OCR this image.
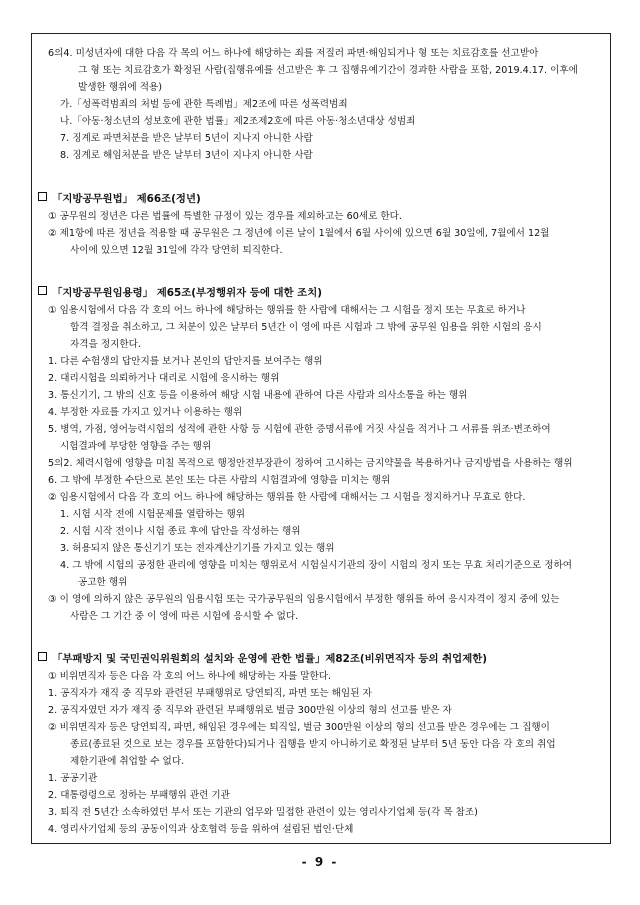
6의4. 미성년자에 대한 다음 각 목의 어느 하나에 해당하는 죄를 저질러 파면·해임되거나 형 또는 치료감호를 선고받아
그 형 또는 치료감호가 확정된 사람(집행유예를 선고받은 후 그 집행유예기간이 경과한 사람을 포함, 2019.4.17. 이후에
발생한 행위에 적용)
가.「성폭력범죄의 처벌 등에 관한 특례법」제2조에 따른 성폭력범죄
나.「아동·청소년의 성보호에 관한 법률」제2조제2호에 따른 아동·청소년대상 성범죄
7. 징계로 파면처분을 받은 날부터 5년이 지나지 아니한 사람
8. 징계로 해임처분을 받은 날부터 3년이 지나지 아니한 사람
「지방공무원법」 제66조(정년)
① 공무원의 정년은 다른 법률에 특별한 규정이 있는 경우를 제외하고는 60세로 한다.
② 제1항에 따른 정년을 적용할 때 공무원은 그 정년에 이른 날이 1월에서 6월 사이에 있으면 6월 30일에, 7월에서 12월
사이에 있으면 12월 31일에 각각 당연히 퇴직한다.
「지방공무원임용령」 제65조(부정행위자 등에 대한 조치)
① 임용시험에서 다음 각 호의 어느 하나에 해당하는 행위를 한 사람에 대해서는 그 시험을 정지 또는 무효로 하거나
합격 결정을 취소하고, 그 처분이 있은 날부터 5년간 이 영에 따른 시험과 그 밖에 공무원 임용을 위한 시험의 응시
자격을 정지한다.
1. 다른 수험생의 답안지를 보거나 본인의 답안지를 보여주는 행위
2. 대리시험을 의뢰하거나 대리로 시험에 응시하는 행위
3. 통신기기, 그 밖의 신호 등을 이용하여 해당 시험 내용에 관하여 다른 사람과 의사소통을 하는 행위
4. 부정한 자료를 가지고 있거나 이용하는 행위
5. 병역, 가점, 영어능력시험의 성적에 관한 사항 등 시험에 관한 증명서류에 거짓 사실을 적거나 그 서류를 위조·변조하여
시험결과에 부당한 영향을 주는 행위
5의2. 체력시험에 영향을 미칠 목적으로 행정안전부장관이 정하여 고시하는 금지약물을 복용하거나 금지방법을 사용하는 행위
6. 그 밖에 부정한 수단으로 본인 또는 다른 사람의 시험결과에 영향을 미치는 행위
② 임용시험에서 다음 각 호의 어느 하나에 해당하는 행위를 한 사람에 대해서는 그 시험을 정지하거나 무효로 한다.
1. 시험 시작 전에 시험문제를 열람하는 행위
2. 시험 시작 전이나 시험 종료 후에 답안을 작성하는 행위
3. 허용되지 않은 통신기기 또는 전자계산기기를 가지고 있는 행위
4. 그 밖에 시험의 공정한 관리에 영향을 미치는 행위로서 시험실시기관의 장이 시험의 정지 또는 무효 처리기준으로 정하여
공고한 행위
③ 이 영에 의하지 않은 공무원의 임용시험 또는 국가공무원의 임용시험에서 부정한 행위를 하여 응시자격이 정지 중에 있는
사람은 그 기간 중 이 영에 따른 시험에 응시할 수 없다.
「부패방지 및 국민권익위원회의 설치와 운영에 관한 법률」제82조(비위면직자 등의 취업제한)
① 비위면직자 등은 다음 각 호의 어느 하나에 해당하는 자를 말한다.
1. 공직자가 재직 중 직무와 관련된 부패행위로 당연퇴직, 파면 또는 해임된 자
2. 공직자였던 자가 재직 중 직무와 관련된 부패행위로 벌금 300만원 이상의 형의 선고를 받은 자
② 비위면직자 등은 당연퇴직, 파면, 해임된 경우에는 퇴직일, 벌금 300만원 이상의 형의 선고를 받은 경우에는 그 집행이
종료(종료된 것으로 보는 경우를 포함한다)되거나 집행을 받지 아니하기로 확정된 날부터 5년 동안 다음 각 호의 취업
제한기관에 취업할 수 없다.
1. 공공기관
2. 대통령령으로 정하는 부패행위 관련 기관
3. 퇴직 전 5년간 소속하였던 부서 또는 기관의 업무와 밀접한 관련이 있는 영리사기업체 등(각 목 참조)
4. 영리사기업체 등의 공동이익과 상호협력 등을 위하여 설립된 법인·단체
- 9 -
